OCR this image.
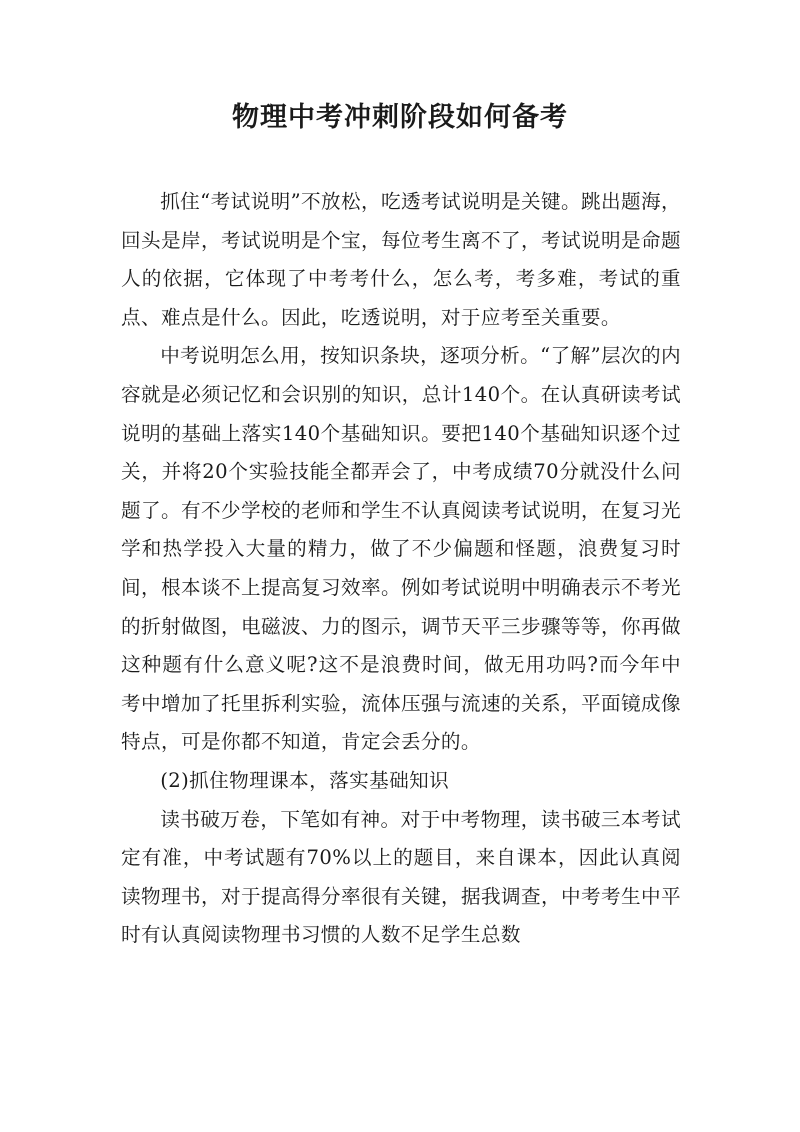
物理中考冲刺阶段如何备考

抓住“考试说明”不放松，吃透考试说明是关键。跳出题海，回头是岸，考试说明是个宝，每位考生离不了，考试说明是命题人的依据，它体现了中考考什么，怎么考，考多难，考试的重点、难点是什么。因此，吃透说明，对于应考至关重要。

中考说明怎么用，按知识条块，逐项分析。“了解”层次的内容就是必须记忆和会识别的知识，总计140个。在认真研读考试说明的基础上落实140个基础知识。要把140个基础知识逐个过关，并将20个实验技能全都弄会了，中考成绩70分就没什么问题了。有不少学校的老师和学生不认真阅读考试说明，在复习光学和热学投入大量的精力，做了不少偏题和怪题，浪费复习时间，根本谈不上提高复习效率。例如考试说明中明确表示不考光的折射做图，电磁波、力的图示，调节天平三步骤等等，你再做这种题有什么意义呢?这不是浪费时间，做无用功吗?而今年中考中增加了托里拆利实验，流体压强与流速的关系，平面镜成像特点，可是你都不知道，肯定会丢分的。

(2)抓住物理课本，落实基础知识

读书破万卷，下笔如有神。对于中考物理，读书破三本考试定有准，中考试题有70%以上的题目，来自课本，因此认真阅读物理书，对于提高得分率很有关键，据我调查，中考考生中平时有认真阅读物理书习惯的人数不足学生总数
